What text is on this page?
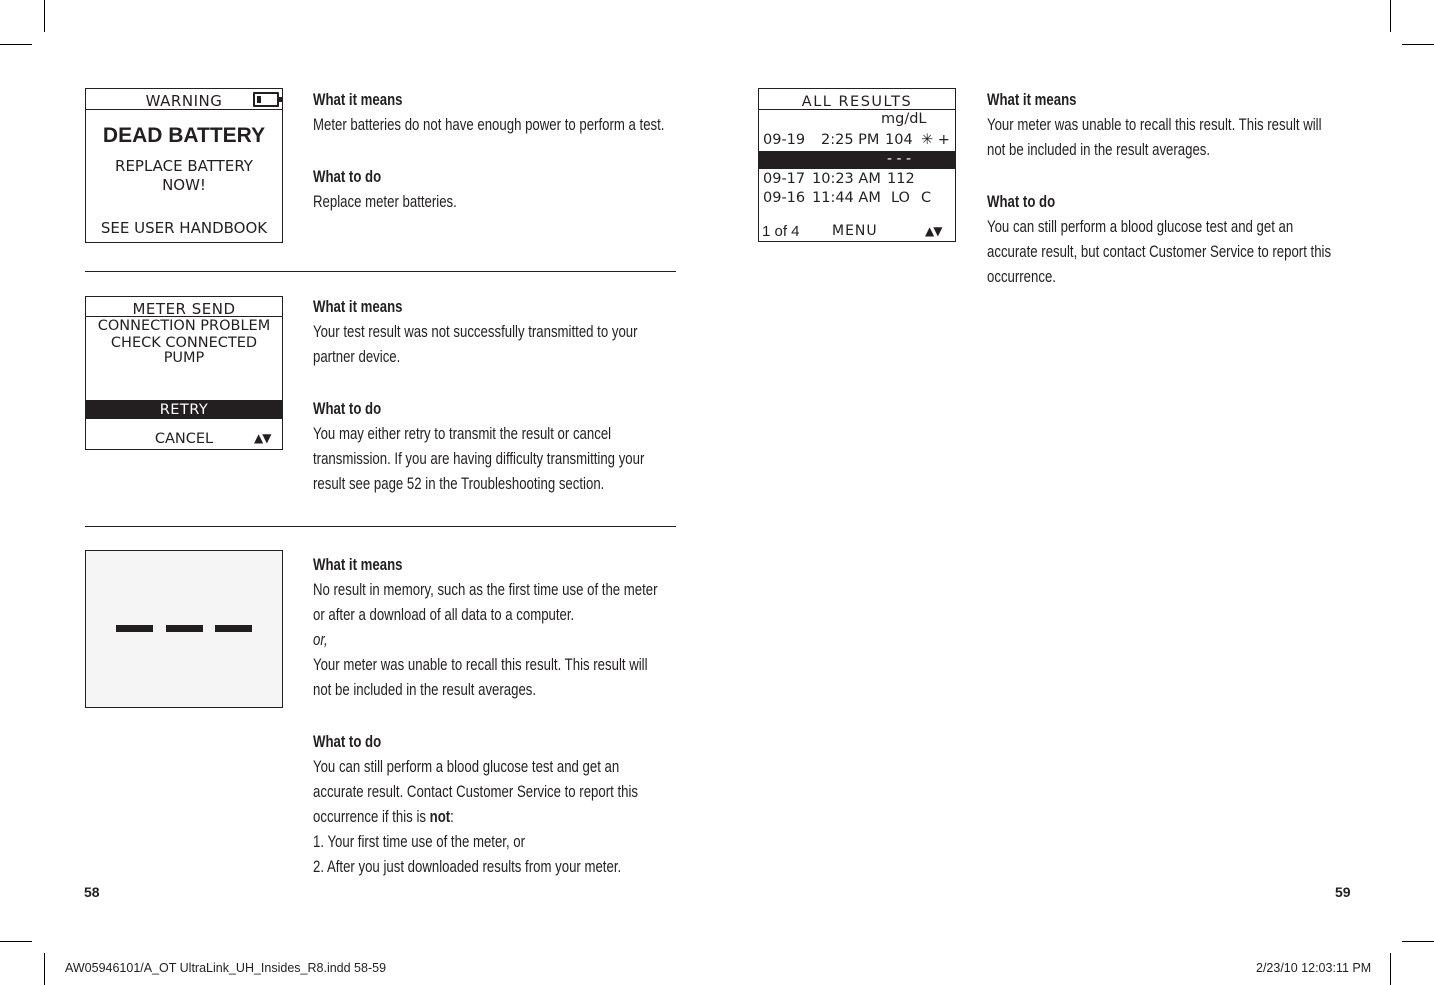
WARNING
DEAD BATTERY
REPLACE BATTERY
NOW!
SEE USER HANDBOOK
What it means

Meter batteries do not have enough power to perform a test.

What to do

Replace meter batteries.

METER SEND
CONNECTION PROBLEM
CHECK CONNECTED
PUMP
RETRY
CANCEL	▲▼
What it means

Your test result was not successfully transmitted to your partner device.

What to do

You may either retry to transmit the result or cancel transmission. If you are having difficulty transmitting your result see page 52 in the Troubleshooting section.

What it means

No result in memory, such as the first time use of the meter or after a download of all data to a computer.

or,

Your meter was unable to recall this result. This result will not be included in the result averages.

What to do

You can still perform a blood glucose test and get an accurate result. Contact Customer Service to report this occurrence if this is not:

1. Your first time use of the meter, or

2. After you just downloaded results from your meter.

58
ALL RESULTS
mg/dL
09-19 2:25 PM 104 ✳ +
- - -
09-17 10:23 AM 112
09-16 11:44 AM LO C
1 of 4 MENU	▲▼
What it means

Your meter was unable to recall this result. This result will not be included in the result averages.

What to do

You can still perform a blood glucose test and get an accurate result, but contact Customer Service to report this occurrence.

59
AW05946101/A_OT UltraLink_UH_Insides_R8.indd 58-59	2/23/10 12:03:11 PM
